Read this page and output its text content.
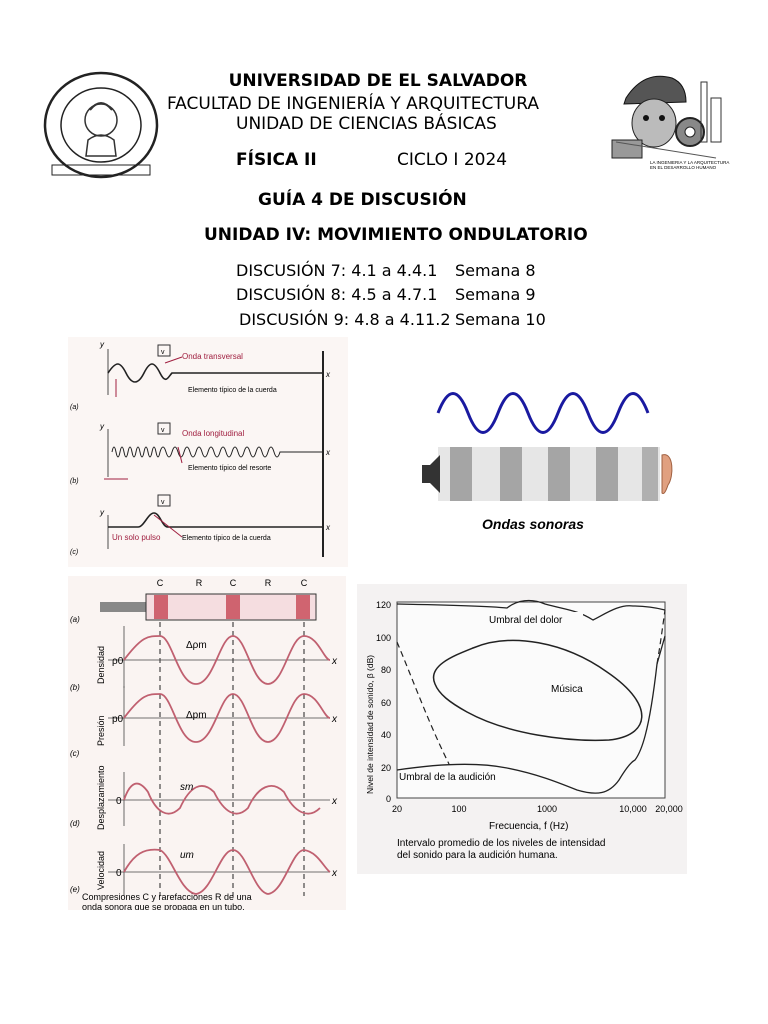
UNIVERSIDAD DE EL SALVADOR
FACULTAD DE INGENIERÍA Y ARQUITECTURA
UNIDAD DE CIENCIAS BÁSICAS
FÍSICA II	CICLO I 2024
GUÍA 4 DE DISCUSIÓN
UNIDAD IV: MOVIMIENTO ONDULATORIO
LA INGENIERIA Y LA ARQUITECTURA EN EL DESARROLLO HUMANO
DISCUSIÓN 7: 4.1 a 4.4.1 Semana 8
DISCUSIÓN 8: 4.5 a 4.7.1 Semana 9
DISCUSIÓN 9: 4.8 a 4.11.2 Semana 10
y
x
v Onda transversal
Elemento típico de la cuerda
(a)
y	v Onda longitudinal
Elemento típico del resorte
(b)
x
y
v
x
Un solo pulso	Elemento típico de la cuerda
(c)
Ondas sonoras
C	R	C	R	C
x
x
x
x
ρ0
p0
0
0
Δρm
Δpm
sm
um
(a)
(b)
(c)
(d)
(e)
Densidad
Presión
Desplazamiento
Velocidad
Compresiones C y rarefacciones R de una
onda sonora que se propaga en un tubo.
120
100
80
60
40
20
0
20	100	1000	10,000 20,000
Nivel de intensidad de sonido, β (dB)
Frecuencia, f (Hz)
Umbral del dolor
Música
Umbral de la audición
Intervalo promedio de los niveles de intensidad
del sonido para la audición humana.
